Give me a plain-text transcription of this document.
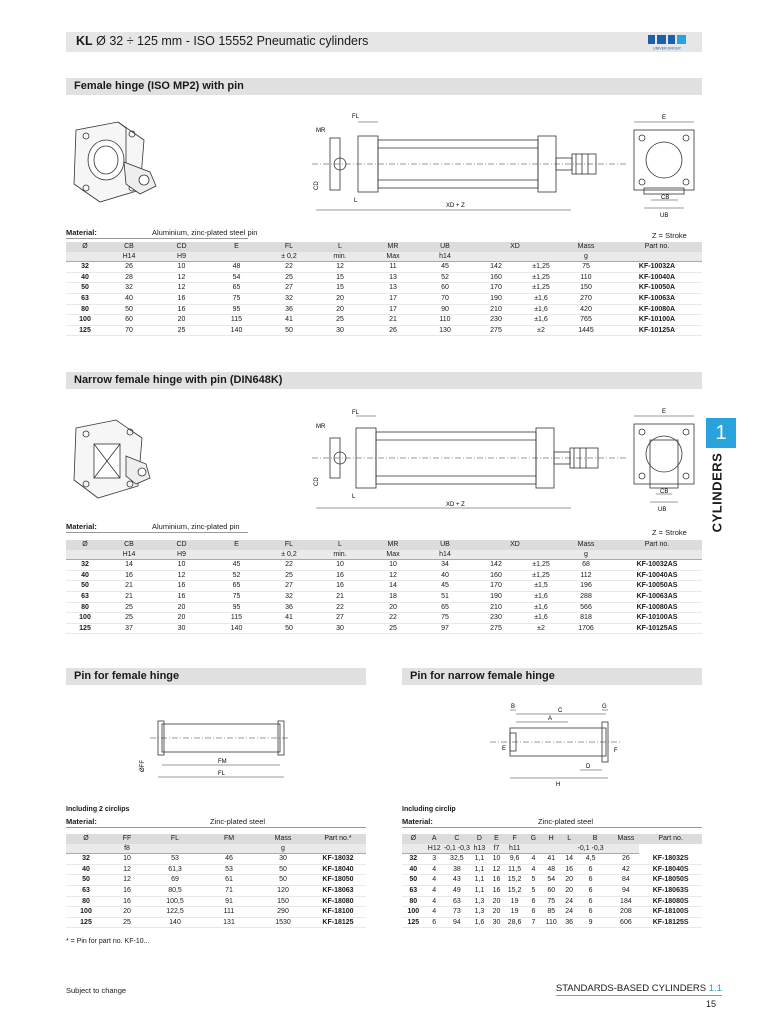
KL Ø 32 ÷ 125 mm - ISO 15552 Pneumatic cylinders
UNIVER GROUP
Female hinge (ISO MP2) with pin
FL
MR
CD
L
XD + Z
E
CB
UB
Material:	Aluminium, zinc-plated steel pin	Z = Stroke
Ø	CB	CD	E	FL	L	MR	UB	XD		Mass	Part no.
	H14	H9		± 0,2	min.	Max	h14			g	
32	26	10	48	22	12	11	45	142	±1,25	75	KF-10032A
40	28	12	54	25	15	13	52	160	±1,25	110	KF-10040A
50	32	12	65	27	15	13	60	170	±1,25	150	KF-10050A
63	40	16	75	32	20	17	70	190	±1,6	270	KF-10063A
80	50	16	95	36	20	17	90	210	±1,6	420	KF-10080A
100	60	20	115	41	25	21	110	230	±1,6	765	KF-10100A
125	70	25	140	50	30	26	130	275	±2	1445	KF-10125A
Narrow female hinge with pin (DIN648K)
FL
MR
CD
L
XD + Z
E
CB
UB
Material:	Aluminium, zinc-plated pin
Z = Stroke
Ø	CB	CD	E	FL	L	MR	UB	XD		Mass	Part no.
	H14	H9		± 0,2	min.	Max	h14			g	
32	14	10	45	22	10	10	34	142	±1,25	68	KF-10032AS
40	16	12	52	25	16	12	40	160	±1,25	112	KF-10040AS
50	21	16	65	27	16	14	45	170	±1,5	196	KF-10050AS
63	21	16	75	32	21	18	51	190	±1,6	288	KF-10063AS
80	25	20	95	36	22	20	65	210	±1,6	566	KF-10080AS
100	25	20	115	41	27	22	75	230	±1,6	818	KF-10100AS
125	37	30	140	50	30	25	97	275	±2	1706	KF-10125AS
1
CYLINDERS
Pin for female hinge
FM
FL
ØFF
Including 2 circlips
Material:	Zinc-plated steel
Ø	FF	FL	FM	Mass	Part no.*
	f8			g	
32	10	53	46	30	KF-18032
40	12	61,3	53	50	KF-18040
50	12	69	61	50	KF-18050
63	16	80,5	71	120	KF-18063
80	16	100,5	91	150	KF-18080
100	20	122,5	111	290	KF-18100
125	25	140	131	1530	KF-18125
* = Pin for part no. KF-10...
Pin for narrow female hinge
B
C
A
G
E	F
D
H
Including circlip
Material:	Zinc-plated steel
Ø	A	C	D	E	F	G	H	L	B		Mass	Part no.
	H12	-0,1 -0,3	h13	f7	h11				-0,1 -0,3			
32	3	32,5	1,1	10	9,6	4	41	14	4,5		26	KF-18032S
40	4	38	1,1	12	11,5	4	48	16	6		42	KF-18040S
50	4	43	1,1	16	15,2	5	54	20	6		84	KF-18050S
63	4	49	1,1	16	15,2	5	60	20	6		94	KF-18063S
80	4	63	1,3	20	19	6	75	24	6		184	KF-18080S
100	4	73	1,3	20	19	6	85	24	6		208	KF-18100S
125	6	94	1,6	30	28,6	7	110	36	9		606	KF-18125S
Subject to change	STANDARDS-BASED CYLINDERS 1.1
15
